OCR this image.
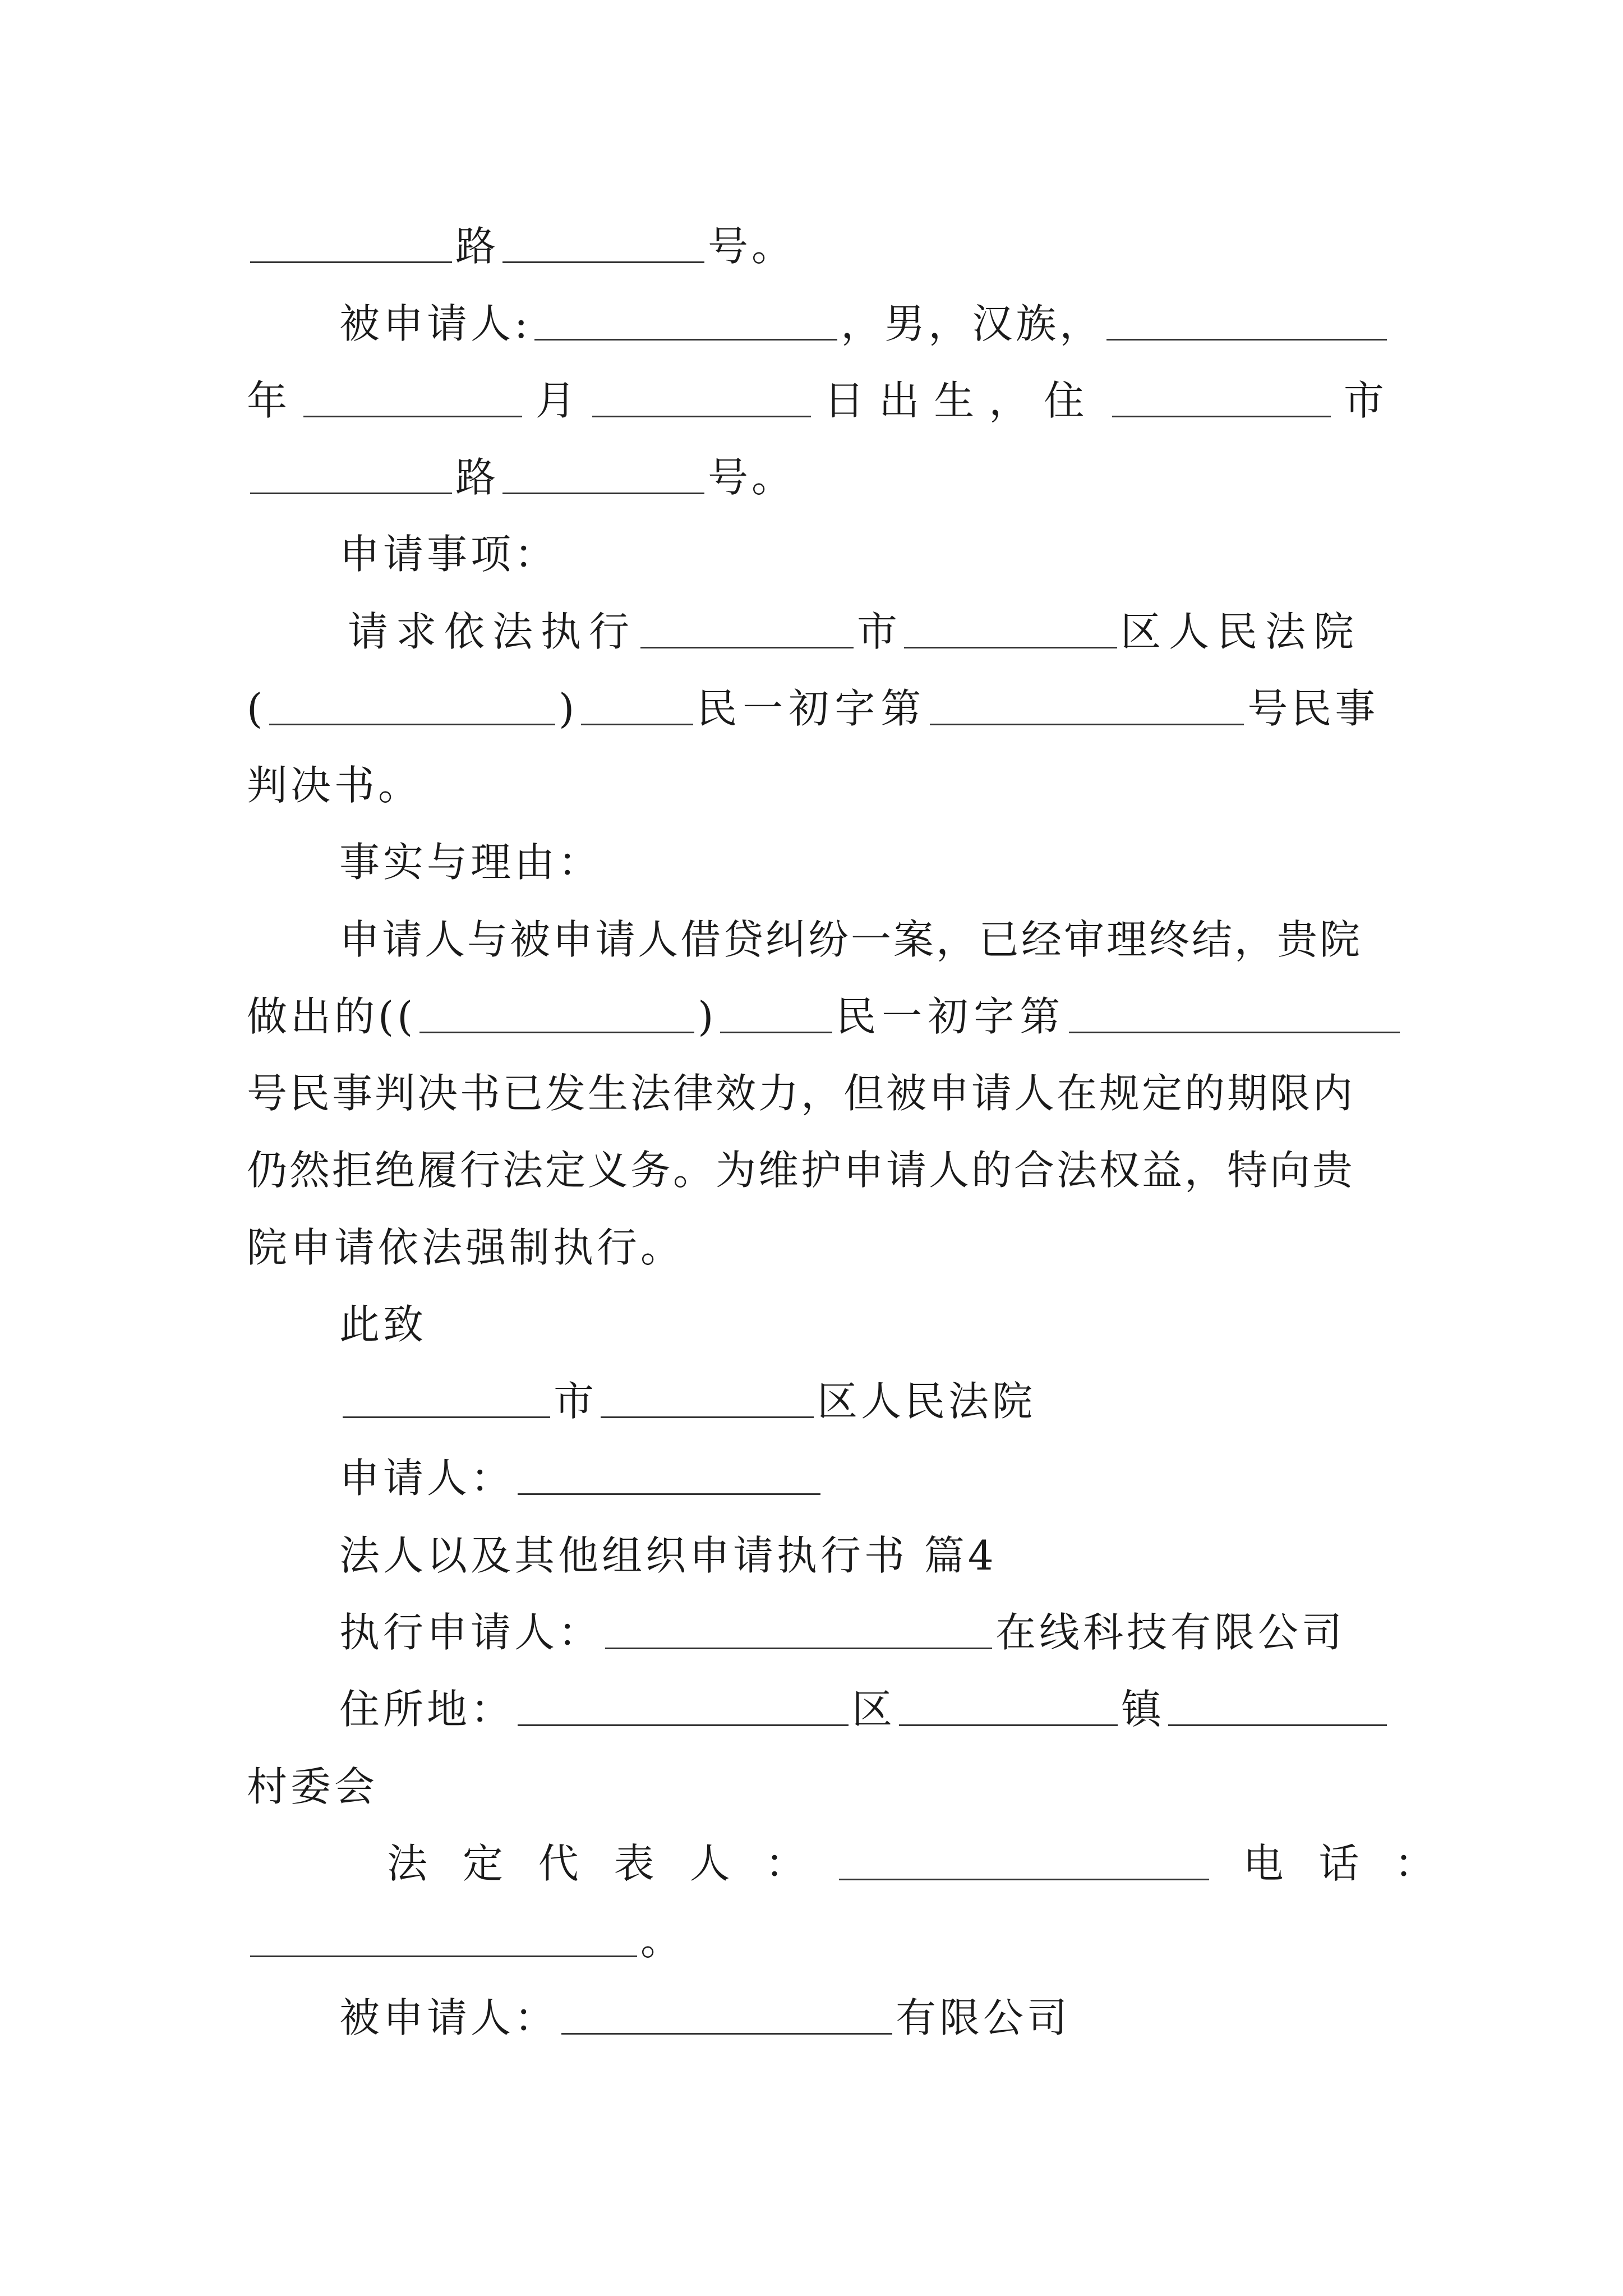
路	号。
被申请人:	，男，汉族，
年	月	日出生，住	市
路	号。
申请事项：
请求依法执行	市	区人民法院
(	)	民一初字第	号民事
判决书。
事实与理由：
申请人与被申请人借贷纠纷一案，已经审理终结，贵院
做出的((	)	民一初字第
号民事判决书已发生法律效力，但被申请人在规定的期限内
仍然拒绝履行法定义务。为维护申请人的合法权益，特向贵
院申请依法强制执行。
此致
市	区人民法院
申请人：
法人以及其他组织申请执行书 篇4
执行申请人：	在线科技有限公司
住所地：	区	镇
村委会
法 定 代 表 人 ：	电 话 ：
。
被申请人：	有限公司
